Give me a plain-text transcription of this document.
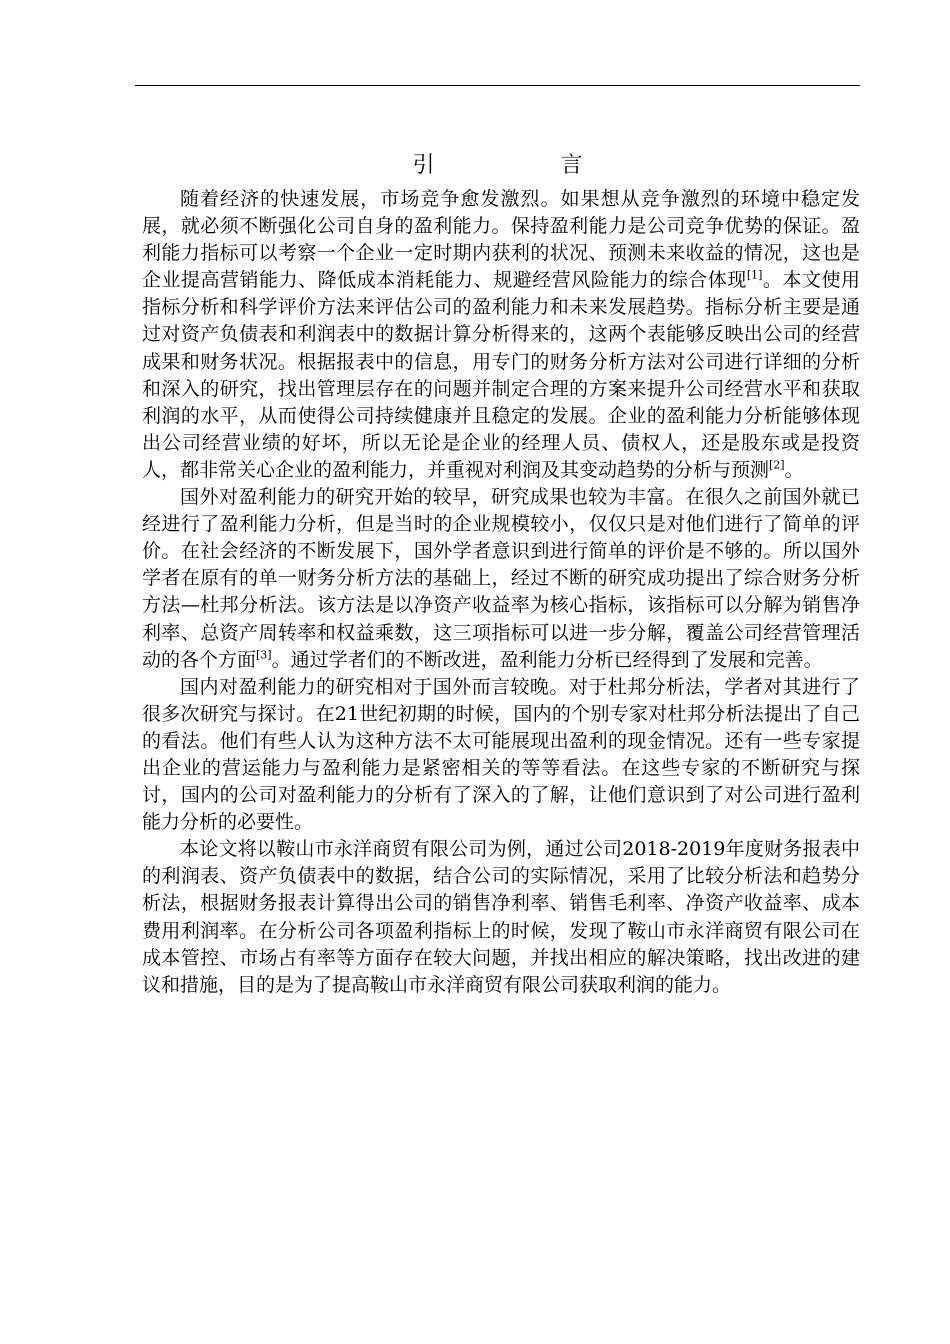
引　言

随着经济的快速发展，市场竞争愈发激烈。如果想从竞争激烈的环境中稳定发展，就必须不断强化公司自身的盈利能力。保持盈利能力是公司竞争优势的保证。盈利能力指标可以考察一个企业一定时期内获利的状况、预测未来收益的情况，这也是企业提高营销能力、降低成本消耗能力、规避经营风险能力的综合体现[1]。本文使用指标分析和科学评价方法来评估公司的盈利能力和未来发展趋势。指标分析主要是通过对资产负债表和利润表中的数据计算分析得来的，这两个表能够反映出公司的经营成果和财务状况。根据报表中的信息，用专门的财务分析方法对公司进行详细的分析和深入的研究，找出管理层存在的问题并制定合理的方案来提升公司经营水平和获取利润的水平，从而使得公司持续健康并且稳定的发展。企业的盈利能力分析能够体现出公司经营业绩的好坏，所以无论是企业的经理人员、债权人，还是股东或是投资人，都非常关心企业的盈利能力，并重视对利润及其变动趋势的分析与预测[2]。

国外对盈利能力的研究开始的较早，研究成果也较为丰富。在很久之前国外就已经进行了盈利能力分析，但是当时的企业规模较小，仅仅只是对他们进行了简单的评价。在社会经济的不断发展下，国外学者意识到进行简单的评价是不够的。所以国外学者在原有的单一财务分析方法的基础上，经过不断的研究成功提出了综合财务分析方法—杜邦分析法。该方法是以净资产收益率为核心指标，该指标可以分解为销售净利率、总资产周转率和权益乘数，这三项指标可以进一步分解，覆盖公司经营管理活动的各个方面[3]。通过学者们的不断改进，盈利能力分析已经得到了发展和完善。

国内对盈利能力的研究相对于国外而言较晚。对于杜邦分析法，学者对其进行了很多次研究与探讨。在21世纪初期的时候，国内的个别专家对杜邦分析法提出了自己的看法。他们有些人认为这种方法不太可能展现出盈利的现金情况。还有一些专家提出企业的营运能力与盈利能力是紧密相关的等等看法。在这些专家的不断研究与探讨，国内的公司对盈利能力的分析有了深入的了解，让他们意识到了对公司进行盈利能力分析的必要性。

本论文将以鞍山市永洋商贸有限公司为例，通过公司2018-2019年度财务报表中的利润表、资产负债表中的数据，结合公司的实际情况，采用了比较分析法和趋势分析法，根据财务报表计算得出公司的销售净利率、销售毛利率、净资产收益率、成本费用利润率。在分析公司各项盈利指标上的时候，发现了鞍山市永洋商贸有限公司在成本管控、市场占有率等方面存在较大问题，并找出相应的解决策略，找出改进的建议和措施，目的是为了提高鞍山市永洋商贸有限公司获取利润的能力。
